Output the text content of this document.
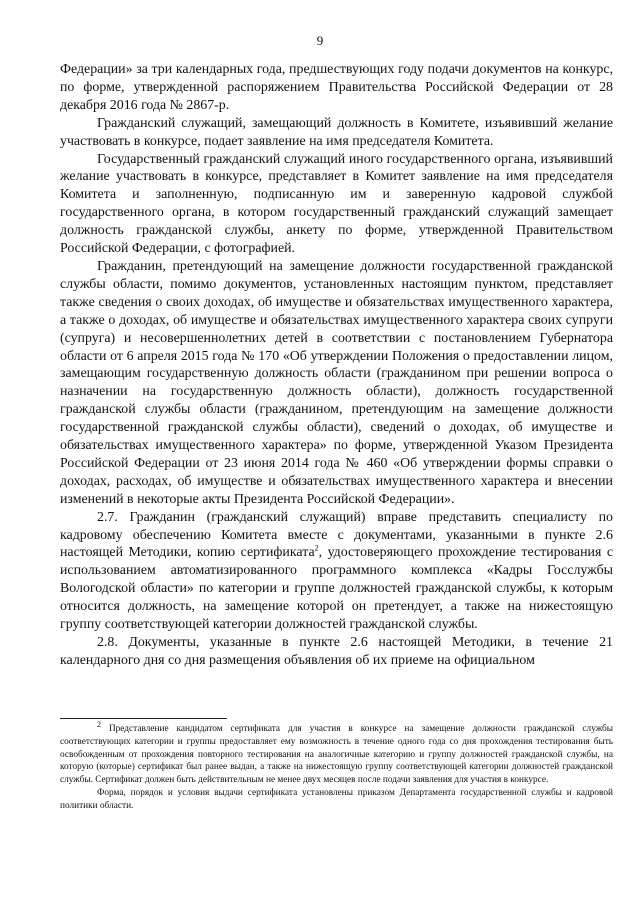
9

Федерации» за три календарных года, предшествующих году подачи документов на конкурс, по форме, утвержденной распоряжением Правительства Российской Федерации от 28 декабря 2016 года № 2867-р.

Гражданский служащий, замещающий должность в Комитете, изъявивший желание участвовать в конкурсе, подает заявление на имя председателя Комитета.

Государственный гражданский служащий иного государственного органа, изъявивший желание участвовать в конкурсе, представляет в Комитет заявление на имя председателя Комитета и заполненную, подписанную им и заверенную кадровой службой государственного органа, в котором государственный гражданский служащий замещает должность гражданской службы, анкету по форме, утвержденной Правительством Российской Федерации, с фотографией.

Гражданин, претендующий на замещение должности государственной гражданской службы области, помимо документов, установленных настоящим пунктом, представляет также сведения о своих доходах, об имуществе и обязательствах имущественного характера, а также о доходах, об имуществе и обязательствах имущественного характера своих супруги (супруга) и несовершеннолетних детей в соответствии с постановлением Губернатора области от 6 апреля 2015 года № 170 «Об утверждении Положения о предоставлении лицом, замещающим государственную должность области (гражданином при решении вопроса о назначении на государственную должность области), должность государственной гражданской службы области (гражданином, претендующим на замещение должности государственной гражданской службы области), сведений о доходах, об имуществе и обязательствах имущественного характера» по форме, утвержденной Указом Президента Российской Федерации от 23 июня 2014 года № 460 «Об утверждении формы справки о доходах, расходах, об имуществе и обязательствах имущественного характера и внесении изменений в некоторые акты Президента Российской Федерации».

2.7. Гражданин (гражданский служащий) вправе представить специалисту по кадровому обеспечению Комитета вместе с документами, указанными в пункте 2.6 настоящей Методики, копию сертификата$^2$, удостоверяющего прохождение тестирования с использованием автоматизированного программного комплекса «Кадры Госслужбы Вологодской области» по категории и группе должностей гражданской службы, к которым относится должность, на замещение которой он претендует, а также на нижестоящую группу соответствующей категории должностей гражданской службы.

2.8. Документы, указанные в пункте 2.6 настоящей Методики, в течение 21 календарного дня со дня размещения объявления об их приеме на официальном

$^2$ Представление кандидатом сертификата для участия в конкурсе на замещение должности гражданской службы соответствующих категории и группы предоставляет ему возможность в течение одного года со дня прохождения тестирования быть освобожденным от прохождения повторного тестирования на аналогичные категорию и группу должностей гражданской службы, на которую (которые) сертификат был ранее выдан, а также на нижестоящую группу соответствующей категории должностей гражданской службы. Сертификат должен быть действительным не менее двух месяцев после подачи заявления для участия в конкурсе.

Форма, порядок и условия выдачи сертификата установлены приказом Департамента государственной службы и кадровой политики области.
